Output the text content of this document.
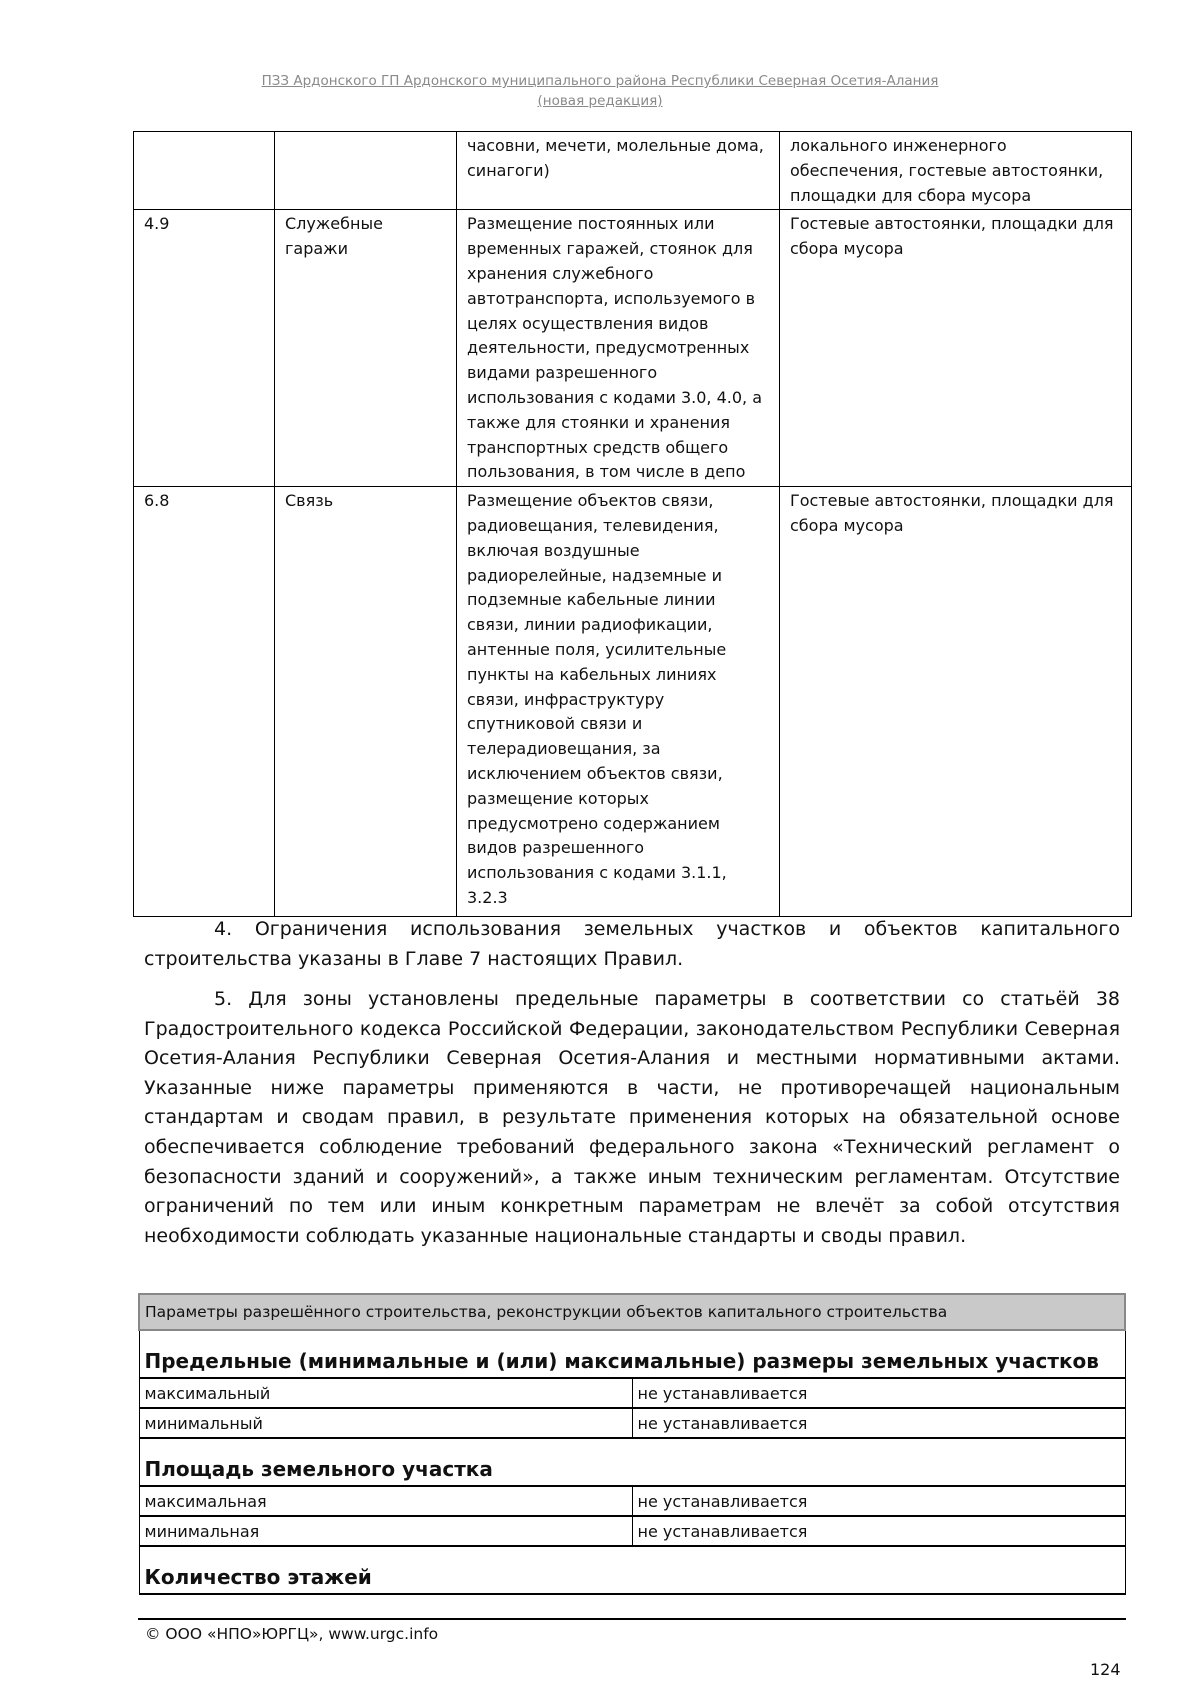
ПЗЗ Ардонского ГП Ардонского муниципального района Республики Северная Осетия-Алания
(новая редакция)
		часовни, мечети, молельные дома, синагоги)	локального инженерного обеспечения, гостевые автостоянки, площадки для сбора мусора
4.9	Служебные гаражи	Размещение постоянных или временных гаражей, стоянок для хранения служебного автотранспорта, используемого в целях осуществления видов деятельности, предусмотренных видами разрешенного использования с кодами 3.0, 4.0, а также для стоянки и хранения транспортных средств общего пользования, в том числе в депо	Гостевые автостоянки, площадки для сбора мусора
6.8	Связь	Размещение объектов связи, радиовещания, телевидения, включая воздушные радиорелейные, надземные и подземные кабельные линии связи, линии радиофикации, антенные поля, усилительные пункты на кабельных линиях связи, инфраструктуру спутниковой связи и телерадиовещания, за исключением объектов связи, размещение которых предусмотрено содержанием видов разрешенного использования с кодами 3.1.1, 3.2.3	Гостевые автостоянки, площадки для сбора мусора

4. Ограничения использования земельных участков и объектов капитального строительства указаны в Главе 7 настоящих Правил.

5. Для зоны установлены предельные параметры в соответствии со статьёй 38 Градостроительного кодекса Российской Федерации, законодательством Республики Северная Осетия-Алания Республики Северная Осетия-Алания и местными нормативными актами. Указанные ниже параметры применяются в части, не противоречащей национальным стандартам и сводам правил, в результате применения которых на обязательной основе обеспечивается соблюдение требований федерального закона «Технический регламент о безопасности зданий и сооружений», а также иным техническим регламентам. Отсутствие ограничений по тем или иным конкретным параметрам не влечёт за собой отсутствия необходимости соблюдать указанные национальные стандарты и своды правил.

Параметры разрешённого строительства, реконструкции объектов капитального строительства	
Предельные (минимальные и (или) максимальные) размеры земельных участков	
максимальный	не устанавливается
минимальный	не устанавливается
Площадь земельного участка	
максимальная	не устанавливается
минимальная	не устанавливается
Количество этажей	
© ООО «НПО»ЮРГЦ», www.urgc.info
124
